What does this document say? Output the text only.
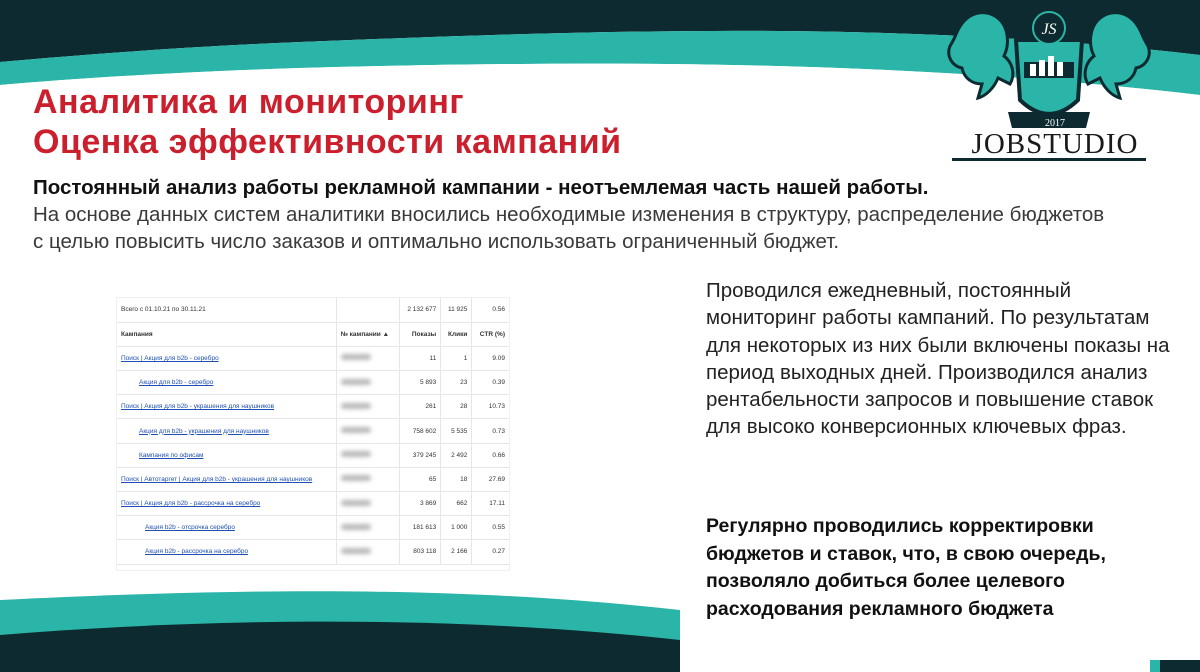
JS
2017
JOBSTUDIO
Аналитика и мониторинг
Оценка эффективности кампаний
Постоянный анализ работы рекламной кампании - неотъемлемая часть нашей работы.
На основе данных систем аналитики вносились необходимые изменения в структуру, распределение бюджетов с целью повысить число заказов и оптимально использовать ограниченный бюджет.
Всего с 01.10.21 по 30.11.21		2 132 677	11 925	0.56
Кампания	№ кампании ▲	Показы	Клики	CTR (%)
Поиск | Акция для b2b - серебро		11	1	9.09
Акция для b2b - серебро		5 893	23	0.39
Поиск | Акция для b2b - украшения для наушников		261	28	10.73
Акция для b2b - украшения для наушников		758 602	5 535	0.73
Кампания по офисам		379 245	2 492	0.66
Поиск | Автотаргет | Акция для b2b - украшения для наушников		65	18	27.69
Поиск | Акция для b2b - рассрочка на серебро		3 869	662	17.11
Акция b2b - отсрочка серебро		181 613	1 000	0.55
Акция b2b - рассрочка на серебро		803 118	2 166	0.27
Проводился ежедневный, постоянный мониторинг работы кампаний. По результатам для некоторых из них были включены показы на период выходных дней. Производился анализ рентабельности запросов и повышение ставок для высоко конверсионных ключевых фраз.
Регулярно проводились корректировки бюджетов и ставок, что, в свою очередь, позволяло добиться более целевого расходования рекламного бюджета
